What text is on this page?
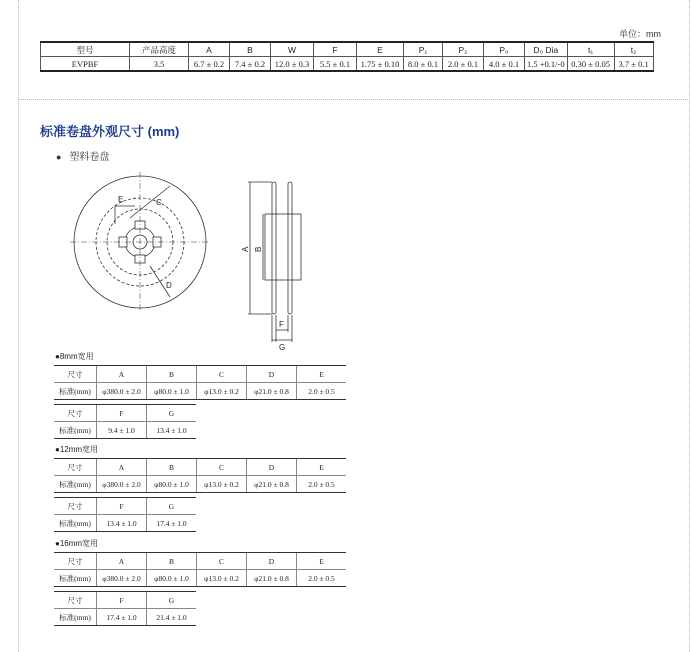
单位：mm
型号	产品高度	A	B	W	F	E	P₁	P₂	P₀	D₀ Dia	t₁	t₂
EVPBF	3.5	6.7 ± 0.2	7.4 ± 0.2	12.0 ± 0.3	5.5 ± 0.1	1.75 ± 0.10	8.0 ± 0.1	2.0 ± 0.1	4.0 ± 0.1	1.5 +0.1/-0	0.30 ± 0.05	3.7 ± 0.1
标准卷盘外观尺寸 (mm)
● 塑料卷盘
C
D
E
A B
F
G
●8mm宽用
尺寸	A	B	C	D	E
标准(mm)	φ380.0 ± 2.0	φ80.0 ± 1.0	φ13.0 ± 0.2	φ21.0 ± 0.8	2.0 ± 0.5
尺寸	F	G
标准(mm)	9.4 ± 1.0	13.4 ± 1.0
●12mm宽用
尺寸	A	B	C	D	E
标准(mm)	φ380.0 ± 2.0	φ80.0 ± 1.0	φ13.0 ± 0.2	φ21.0 ± 0.8	2.0 ± 0.5
尺寸	F	G
标准(mm)	13.4 ± 1.0	17.4 ± 1.0
●16mm宽用
尺寸	A	B	C	D	E
标准(mm)	φ380.0 ± 2.0	φ80.0 ± 1.0	φ13.0 ± 0.2	φ21.0 ± 0.8	2.0 ± 0.5
尺寸	F	G
标准(mm)	17.4 ± 1.0	21.4 ± 1.0
